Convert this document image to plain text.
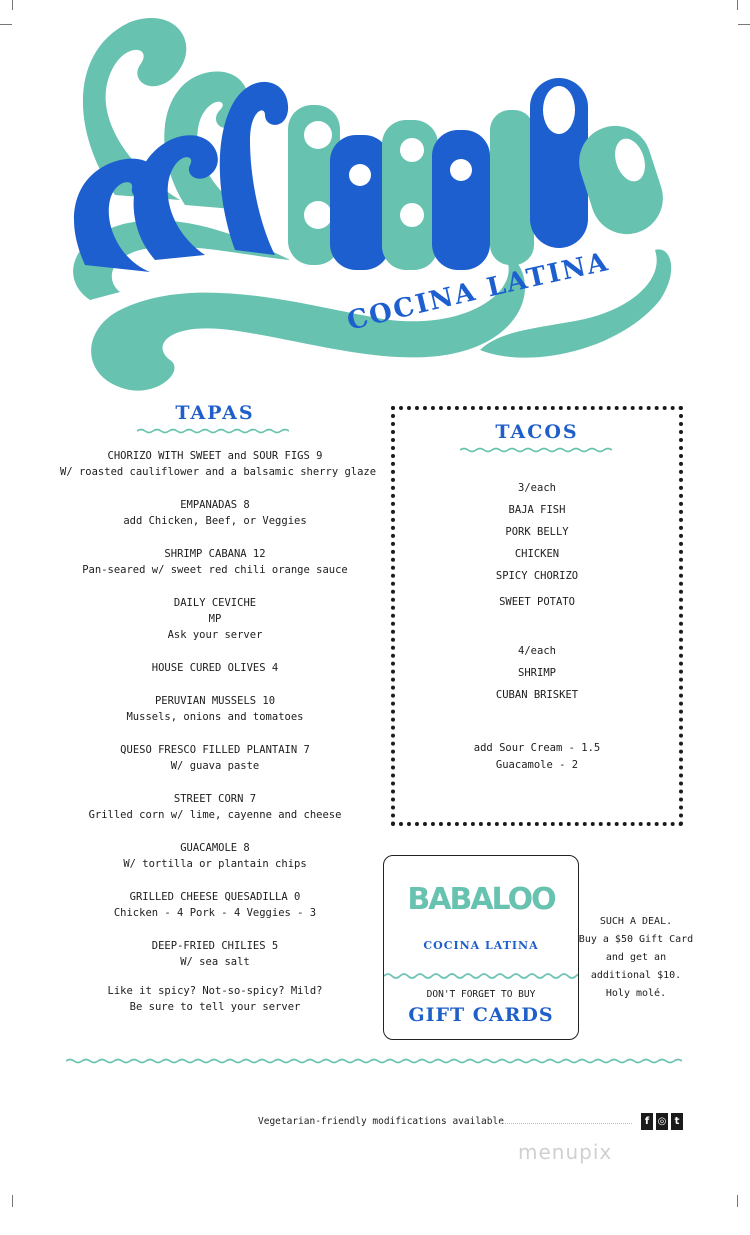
COCINA LATINA
TAPAS
CHORIZO WITH SWEET and SOUR FIGS 9
W/ roasted cauliflower and a balsamic sherry glaze
EMPANADAS 8
add Chicken, Beef, or Veggies
SHRIMP CABANA 12
Pan-seared w/ sweet red chili orange sauce
DAILY CEVICHE
MP
Ask your server
HOUSE CURED OLIVES 4
PERUVIAN MUSSELS 10
Mussels, onions and tomatoes
QUESO FRESCO FILLED PLANTAIN 7
W/ guava paste
STREET CORN 7
Grilled corn w/ lime, cayenne and cheese
GUACAMOLE 8
W/ tortilla or plantain chips
GRILLED CHEESE QUESADILLA 0
Chicken - 4 Pork - 4 Veggies - 3
DEEP-FRIED CHILIES 5
W/ sea salt
Like it spicy? Not-so-spicy? Mild?
Be sure to tell your server
TACOS
3/each
BAJA FISH
PORK BELLY
CHICKEN
SPICY CHORIZO
SWEET POTATO
4/each
SHRIMP
CUBAN BRISKET
add Sour Cream - 1.5
Guacamole - 2
BABALOO
COCINA LATINA
DON'T FORGET TO BUY
GIFT CARDS
SUCH A DEAL.
Buy a $50 Gift Card
and get an
additional $10.
Holy molé.
Vegetarian-friendly modifications available	f ◎ t
menupix
